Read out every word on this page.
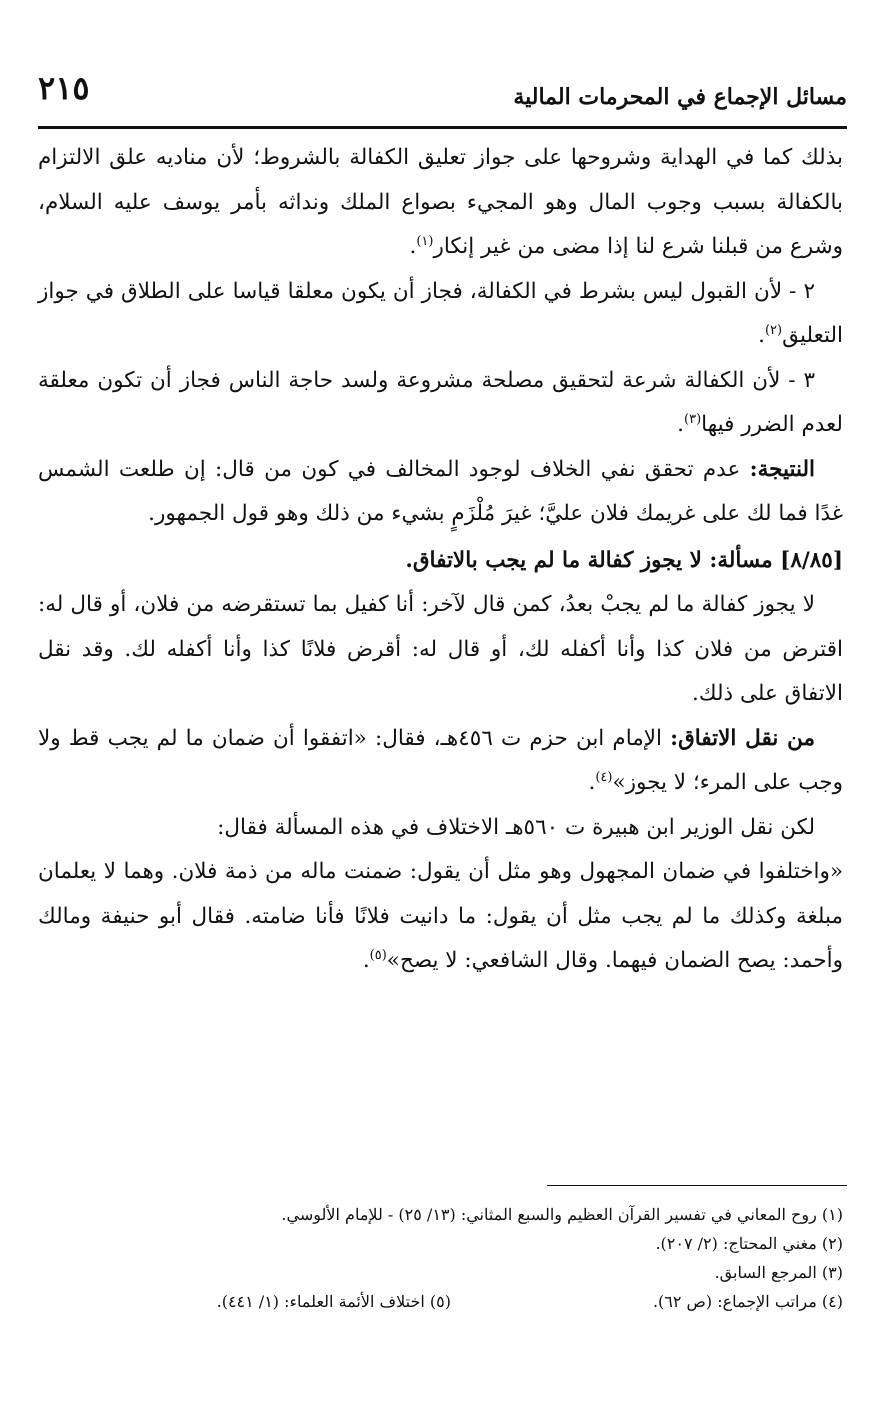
٢١٥	مسائل الإجماع في المحرمات المالية

بذلك كما في الهداية وشروحها على جواز تعليق الكفالة بالشروط؛ لأن مناديه علق الالتزام بالكفالة بسبب وجوب المال وهو المجيء بصواع الملك ونداثه بأمر يوسف عليه السلام، وشرع من قبلنا شرع لنا إذا مضى من غير إنكار$^{(١)}$.

٢ - لأن القبول ليس بشرط في الكفالة، فجاز أن يكون معلقا قياسا على الطلاق في جواز التعليق$^{(٢)}$.

٣ - لأن الكفالة شرعة لتحقيق مصلحة مشروعة ولسد حاجة الناس فجاز أن تكون معلقة لعدم الضرر فيها$^{(٣)}$.

النتيجة: عدم تحقق نفي الخلاف لوجود المخالف في كون من قال: إن طلعت الشمس غدًا فما لك على غريمك فلان عليَّ؛ غيرَ مُلْزَمٍ بشيء من ذلك وهو قول الجمهور.

[٨/٨٥] مسألة: لا يجوز كفالة ما لم يجب بالاتفاق.

لا يجوز كفالة ما لم يجبْ بعدُ، كمن قال لآخر: أنا كفيل بما تستقرضه من فلان، أو قال له: اقترض من فلان كذا وأنا أكفله لك، أو قال له: أقرض فلانًا كذا وأنا أكفله لك. وقد نقل الاتفاق على ذلك.

من نقل الاتفاق: الإمام ابن حزم ت ٤٥٦هـ، فقال: «اتفقوا أن ضمان ما لم يجب قط ولا وجب على المرء؛ لا يجوز»$^{(٤)}$.

لكن نقل الوزير ابن هبيرة ت ٥٦٠هـ الاختلاف في هذه المسألة فقال:

«واختلفوا في ضمان المجهول وهو مثل أن يقول: ضمنت ماله من ذمة فلان. وهما لا يعلمان مبلغة وكذلك ما لم يجب مثل أن يقول: ما دانيت فلانًا فأنا ضامته. فقال أبو حنيفة ومالك وأحمد: يصح الضمان فيهما. وقال الشافعي: لا يصح»$^{(٥)}$.

(١) روح المعاني في تفسير القرآن العظيم والسبع المثاني: (١٣/ ٢٥) - للإمام الألوسي.
(٢) مغني المحتاج: (٢/ ٢٠٧).
(٣) المرجع السابق.
(٤) مراتب الإجماع: (ص ٦٢).
(٥) اختلاف الأئمة العلماء: (١/ ٤٤١).
